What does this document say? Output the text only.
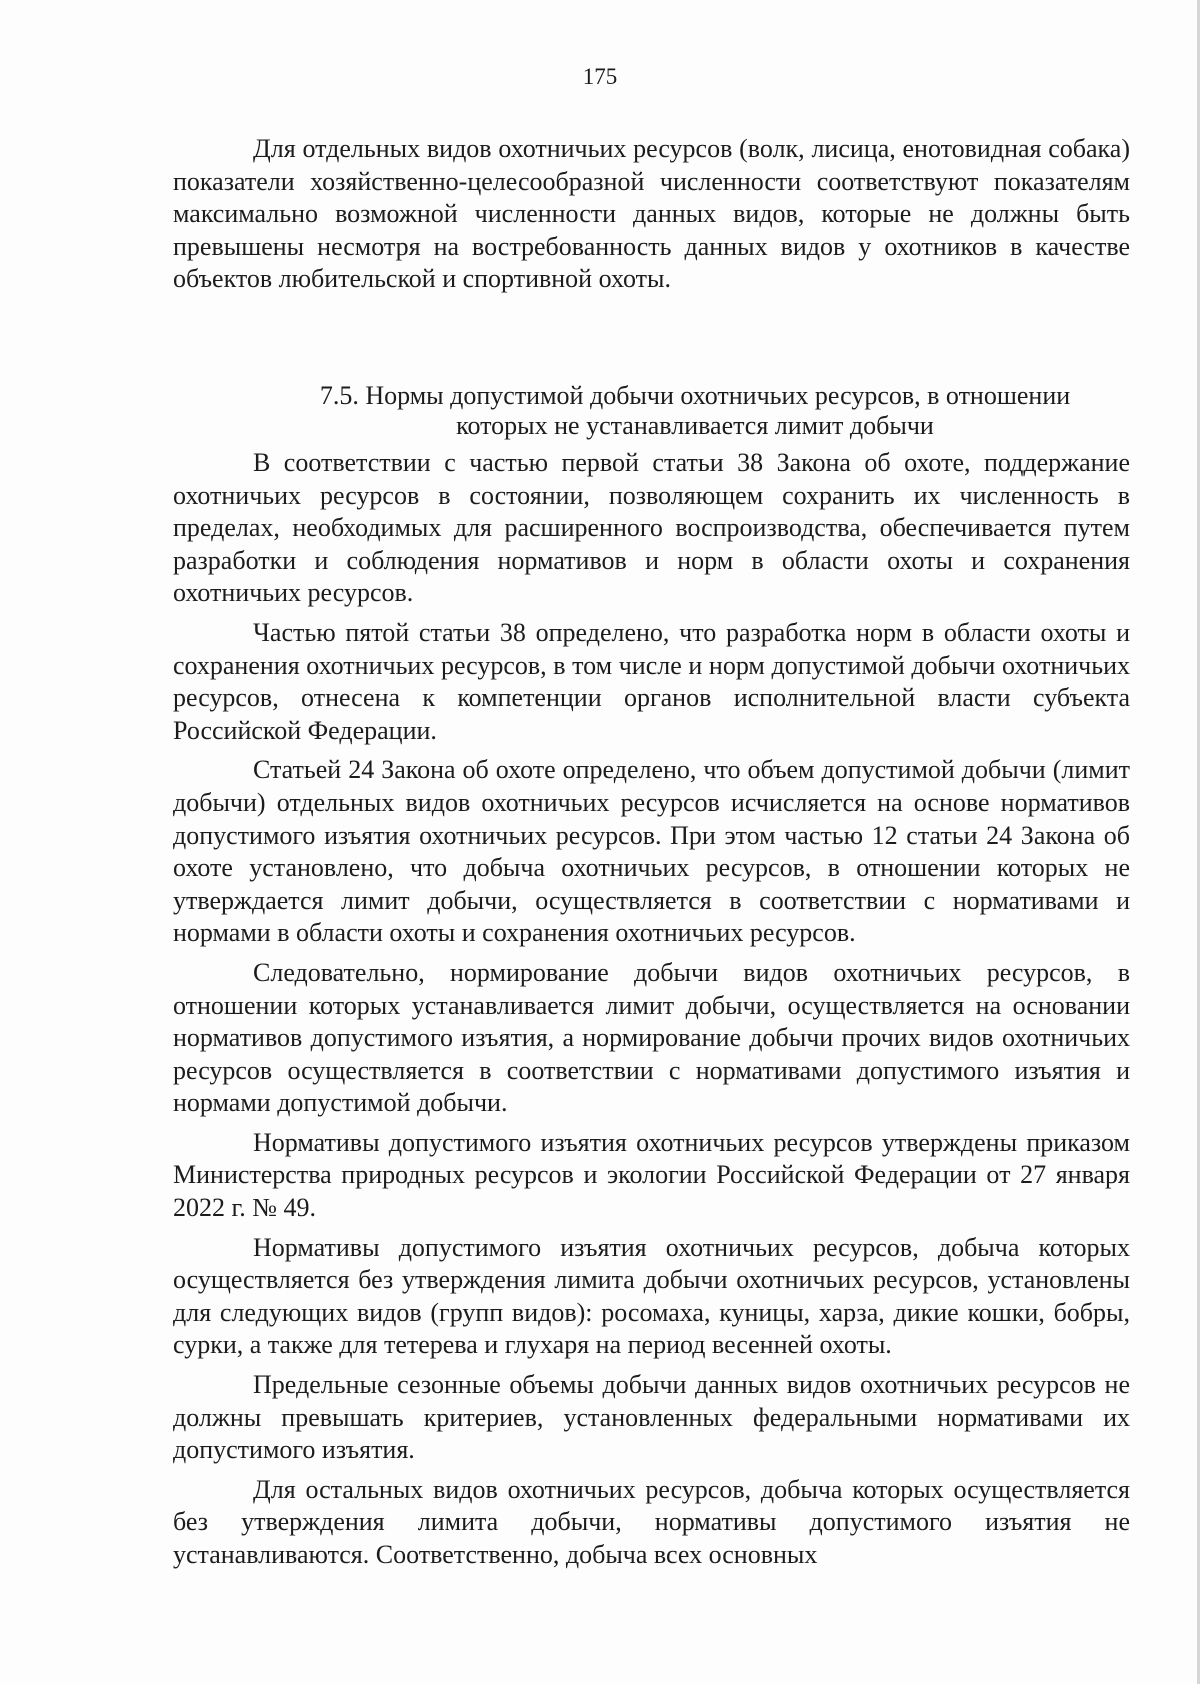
175

Для отдельных видов охотничьих ресурсов (волк, лисица, енотовидная собака) показатели хозяйственно-целесообразной численности соответствуют показателям максимально возможной численности данных видов, которые не должны быть превышены несмотря на востребованность данных видов у охотников в качестве объектов любительской и спортивной охоты.

7.5. Нормы допустимой добычи охотничьих ресурсов, в отношении
которых не устанавливается лимит добычи

В соответствии с частью первой статьи 38 Закона об охоте, поддержание охотничьих ресурсов в состоянии, позволяющем сохранить их численность в пределах, необходимых для расширенного воспроизводства, обеспечивается путем разработки и соблюдения нормативов и норм в области охоты и сохранения охотничьих ресурсов.

Частью пятой статьи 38 определено, что разработка норм в области охоты и сохранения охотничьих ресурсов, в том числе и норм допустимой добычи охотничьих ресурсов, отнесена к компетенции органов исполнительной власти субъекта Российской Федерации.

Статьей 24 Закона об охоте определено, что объем допустимой добычи (лимит добычи) отдельных видов охотничьих ресурсов исчисляется на основе нормативов допустимого изъятия охотничьих ресурсов. При этом частью 12 статьи 24 Закона об охоте установлено, что добыча охотничьих ресурсов, в отношении которых не утверждается лимит добычи, осуществляется в соответствии с нормативами и нормами в области охоты и сохранения охотничьих ресурсов.

Следовательно, нормирование добычи видов охотничьих ресурсов, в отношении которых устанавливается лимит добычи, осуществляется на основании нормативов допустимого изъятия, а нормирование добычи прочих видов охотничьих ресурсов осуществляется в соответствии с нормативами допустимого изъятия и нормами допустимой добычи.

Нормативы допустимого изъятия охотничьих ресурсов утверждены приказом Министерства природных ресурсов и экологии Российской Федерации от 27 января 2022 г. № 49.

Нормативы допустимого изъятия охотничьих ресурсов, добыча которых осуществляется без утверждения лимита добычи охотничьих ресурсов, установлены для следующих видов (групп видов): росомаха, куницы, харза, дикие кошки, бобры, сурки, а также для тетерева и глухаря на период весенней охоты.

Предельные сезонные объемы добычи данных видов охотничьих ресурсов не должны превышать критериев, установленных федеральными нормативами их допустимого изъятия.

Для остальных видов охотничьих ресурсов, добыча которых осуществляется без утверждения лимита добычи, нормативы допустимого изъятия не устанавливаются. Соответственно, добыча всех основных
